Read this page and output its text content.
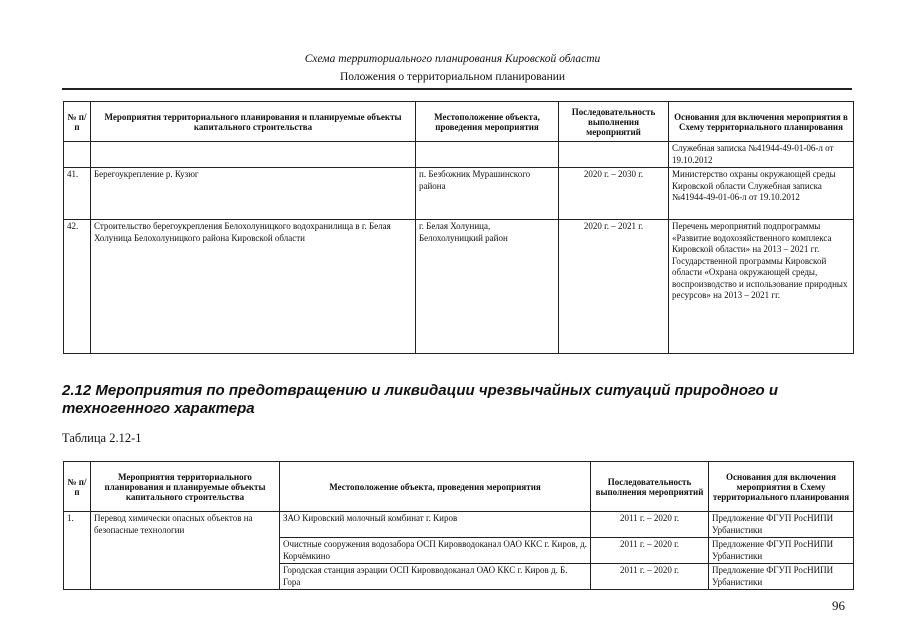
Схема территориального планирования Кировской области
Положения о территориальном планировании
№ п/п	Мероприятия территориального планирования и планируемые объекты капитального строительства	Местоположение объекта, проведения мероприятия	Последовательность выполнения мероприятий	Основания для включения мероприятия в Схему территориального планирования
				Служебная записка №41944-49-01-06-л от 19.10.2012
41.	Берегоукрепление р. Кузюг	п. Безбожник Мурашинского района	2020 г. – 2030 г.	Министерство охраны окружающей среды Кировской области Служебная записка №41944-49-01-06-л от 19.10.2012
42.	Строительство берегоукрепления Белохолуницкого водохранилища в г. Белая Холуница Белохолуницкого района Кировской области	г. Белая Холуница, Белохолуницкий район	2020 г. – 2021 г.	Перечень мероприятий подпрограммы «Развитие водохозяйственного комплекса Кировской области» на 2013 – 2021 гг. Государственной программы Кировской области «Охрана окружающей среды, воспроизводство и использование природных ресурсов» на 2013 – 2021 гг.
2.12 Мероприятия по предотвращению и ликвидации чрезвычайных ситуаций природного и техногенного характера
Таблица 2.12-1
№ п/п	Мероприятия территориального планирования и планируемые объекты капитального строительства	Местоположение объекта, проведения мероприятия	Последовательность выполнения мероприятий	Основания для включения мероприятия в Схему территориального планирования
1.	Перевод химически опасных объектов на безопасные технологии	ЗАО Кировский молочный комбинат г. Киров	2011 г. – 2020 г.	Предложение ФГУП РосНИПИ Урбанистики
		Очистные сооружения водозабора ОСП Кировводоканал ОАО ККС г. Киров, д. Корчёмкино	2011 г. – 2020 г.	Предложение ФГУП РосНИПИ Урбанистики
		Городская станция аэрации ОСП Кировводоканал ОАО ККС г. Киров д. Б. Гора	2011 г. – 2020 г.	Предложение ФГУП РосНИПИ Урбанистики
96
